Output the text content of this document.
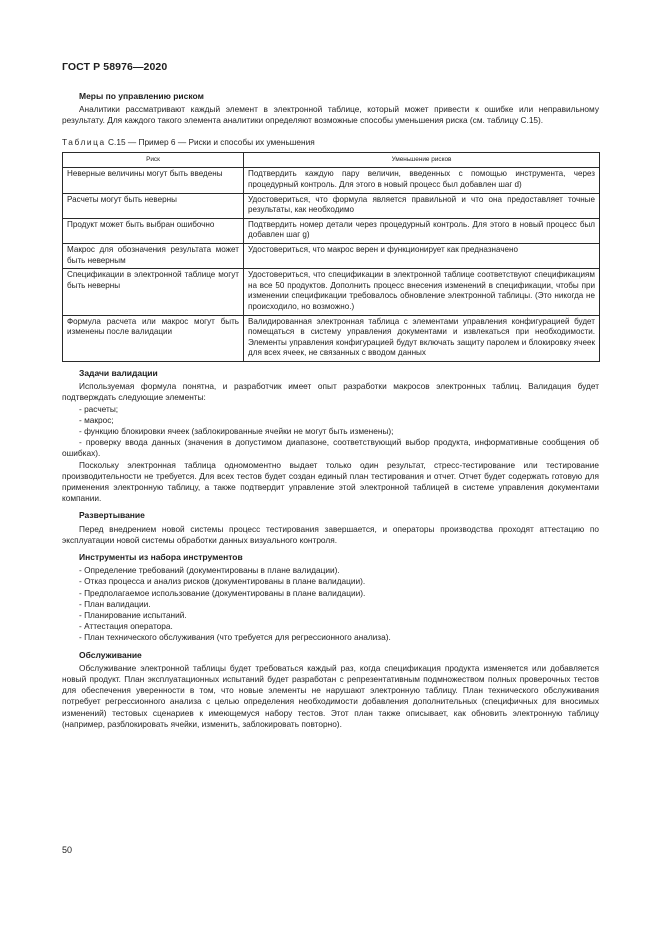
ГОСТ Р 58976—2020
Меры по управлению риском

Аналитики рассматривают каждый элемент в электронной таблице, который может привести к ошибке или неправильному результату. Для каждого такого элемента аналитики определяют возможные способы уменьшения риска (см. таблицу С.15).

Таблица С.15 — Пример 6 — Риски и способы их уменьшения
Риск	Уменьшение рисков
Неверные величины могут быть введены	Подтвердить каждую пару величин, введенных с помощью инструмента, через процедурный контроль. Для этого в новый процесс был добавлен шаг d)
Расчеты могут быть неверны	Удостовериться, что формула является правильной и что она предоставляет точные результаты, как необходимо
Продукт может быть выбран ошибочно	Подтвердить номер детали через процедурный контроль. Для этого в новый процесс был добавлен шаг g)
Макрос для обозначения результата может быть неверным	Удостовериться, что макрос верен и функционирует как предназначено
Спецификации в электронной таблице могут быть неверны	Удостовериться, что спецификации в электронной таблице соответствуют спецификациям на все 50 продуктов. Дополнить процесс внесения изменений в спецификации, чтобы при изменении спецификации требовалось обновление электронной таблицы. (Это никогда не происходило, но возможно.)
Формула расчета или макрос могут быть изменены после валидации	Валидированная электронная таблица с элементами управления конфигурацией будет помещаться в систему управления документами и извлекаться при необходимости. Элементы управления конфигурацией будут включать защиту паролем и блокировку ячеек для всех ячеек, не связанных с вводом данных
Задачи валидации

Используемая формула понятна, и разработчик имеет опыт разработки макросов электронных таблиц. Валидация будет подтверждать следующие элементы:

- расчеты;

- макрос;

- функцию блокировки ячеек (заблокированные ячейки не могут быть изменены);

- проверку ввода данных (значения в допустимом диапазоне, соответствующий выбор продукта, информативные сообщения об ошибках).

Поскольку электронная таблица одномоментно выдает только один результат, стресс-тестирование или тестирование производительности не требуется. Для всех тестов будет создан единый план тестирования и отчет. Отчет будет содержать готовую для применения электронную таблицу, а также подтвердит управление этой электронной таблицей в системе управления документами компании.

Развертывание

Перед внедрением новой системы процесс тестирования завершается, и операторы производства проходят аттестацию по эксплуатации новой системы обработки данных визуального контроля.

Инструменты из набора инструментов

- Определение требований (документированы в плане валидации).

- Отказ процесса и анализ рисков (документированы в плане валидации).

- Предполагаемое использование (документированы в плане валидации).

- План валидации.

- Планирование испытаний.

- Аттестация оператора.

- План технического обслуживания (что требуется для регрессионного анализа).

Обслуживание

Обслуживание электронной таблицы будет требоваться каждый раз, когда спецификация продукта изменяется или добавляется новый продукт. План эксплуатационных испытаний будет разработан с репрезентативным подмножеством полных проверочных тестов для обеспечения уверенности в том, что новые элементы не нарушают электронную таблицу. План технического обслуживания потребует регрессионного анализа с целью определения необходимости добавления дополнительных (специфичных для вносимых изменений) тестовых сценариев к имеющемуся набору тестов. Этот план также описывает, как обновить электронную таблицу (например, разблокировать ячейки, изменить, заблокировать повторно).

50
